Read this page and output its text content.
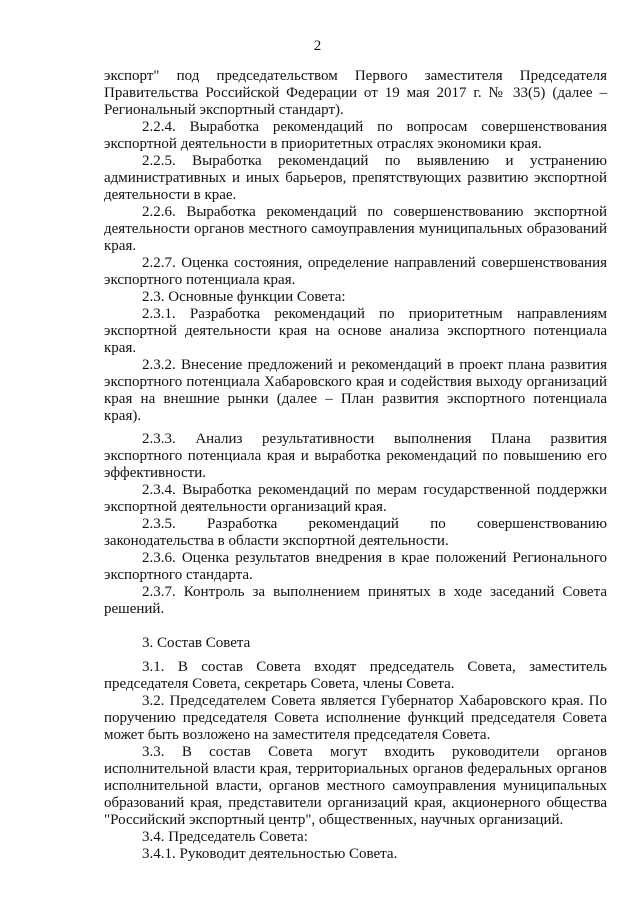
2

экспорт" под председательством Первого заместителя Председателя Правительства Российской Федерации от 19 мая 2017 г. № 33(5) (далее – Региональный экспортный стандарт).

2.2.4. Выработка рекомендаций по вопросам совершенствования экспортной деятельности в приоритетных отраслях экономики края.

2.2.5. Выработка рекомендаций по выявлению и устранению административных и иных барьеров, препятствующих развитию экспортной деятельности в крае.

2.2.6. Выработка рекомендаций по совершенствованию экспортной деятельности органов местного самоуправления муниципальных образований края.

2.2.7. Оценка состояния, определение направлений совершенствования экспортного потенциала края.

2.3. Основные функции Совета:

2.3.1. Разработка рекомендаций по приоритетным направлениям экспортной деятельности края на основе анализа экспортного потенциала края.

2.3.2. Внесение предложений и рекомендаций в проект плана развития экспортного потенциала Хабаровского края и содействия выходу организаций края на внешние рынки (далее – План развития экспортного потенциала края).

2.3.3. Анализ результативности выполнения Плана развития экспортного потенциала края и выработка рекомендаций по повышению его эффективности.

2.3.4. Выработка рекомендаций по мерам государственной поддержки экспортной деятельности организаций края.

2.3.5. Разработка рекомендаций по совершенствованию законодательства в области экспортной деятельности.

2.3.6. Оценка результатов внедрения в крае положений Регионального экспортного стандарта.

2.3.7. Контроль за выполнением принятых в ходе заседаний Совета решений.

3. Состав Совета

3.1. В состав Совета входят председатель Совета, заместитель председателя Совета, секретарь Совета, члены Совета.

3.2. Председателем Совета является Губернатор Хабаровского края. По поручению председателя Совета исполнение функций председателя Совета может быть возложено на заместителя председателя Совета.

3.3. В состав Совета могут входить руководители органов исполнительной власти края, территориальных органов федеральных органов исполнительной власти, органов местного самоуправления муниципальных образований края, представители организаций края, акционерного общества "Российский экспортный центр", общественных, научных организаций.

3.4. Председатель Совета:

3.4.1. Руководит деятельностью Совета.
